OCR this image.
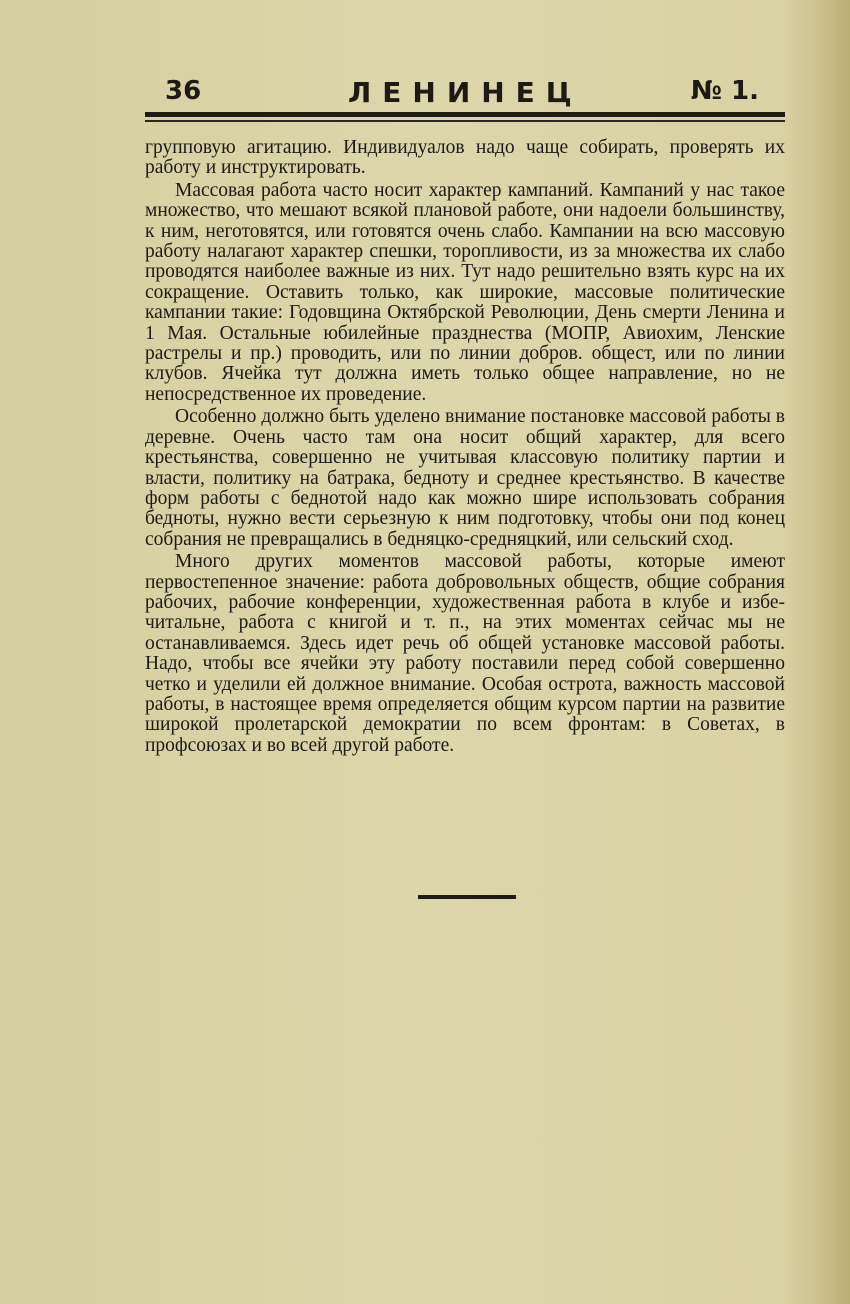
36	ЛЕНИНЕЦ	№ 1.

групповую агитацию. Индивидуалов надо чаще собирать, проверять их работу и инструктировать.

Массовая работа часто носит характер кампаний. Кампаний у нас такое множество, что мешают всякой плановой работе, они надоели большинству, к ним, неготовятся, или готовятся очень слабо. Кампании на всю массовую работу налагают характер спешки, торопливости, из за множества их слабо проводятся наиболее важные из них. Тут надо решительно взять курс на их сокращение. Оставить только, как широкие, массовые политические кампании такие: Годовщина Октябрской Революции, День смерти Ленина и 1 Мая. Остальные юбилейные празднества (МОПР, Авиохим, Ленские растрелы и пр.) проводить, или по линии добров. общест, или по линии клубов. Ячейка тут должна иметь только общее направление, но не непосредственное их проведение.

Особенно должно быть уделено внимание постановке массовой работы в деревне. Очень часто там она носит общий характер, для всего крестьянства, совершенно не учитывая классовую политику партии и власти, политику на батрака, бедноту и среднее крестьянство. В качестве форм работы с беднотой надо как можно шире использовать собрания бедноты, нужно вести серьезную к ним подготовку, чтобы они под конец собрания не превращались в бедняцко-средняцкий, или сельский сход.

Много других моментов массовой работы, которые имеют первостепенное значение: работа добровольных обществ, общие собрания рабочих, рабочие конференции, художественная работа в клубе и избе-читальне, работа с книгой и т. п., на этих моментах сейчас мы не останавливаемся. Здесь идет речь об общей установке массовой работы. Надо, чтобы все ячейки эту работу поставили перед собой совершенно четко и уделили ей должное внимание. Особая острота, важность массовой работы, в настоящее время определяется общим курсом партии на развитие широкой пролетарской демократии по всем фронтам: в Советах, в профсоюзах и во всей другой работе.
